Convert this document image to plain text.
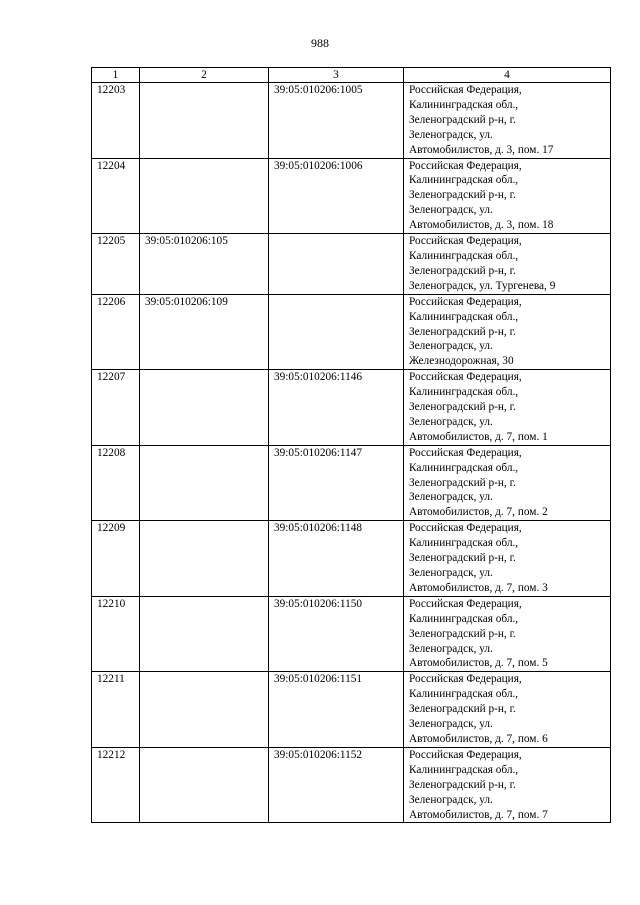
988
1	2	3	4
12203		39:05:010206:1005	Российская Федерация,
Калининградская обл.,
Зеленоградский р-н, г.
Зеленоградск, ул.
Автомобилистов, д. 3, пом. 17
12204		39:05:010206:1006	Российская Федерация,
Калининградская обл.,
Зеленоградский р-н, г.
Зеленоградск, ул.
Автомобилистов, д. 3, пом. 18
12205	39:05:010206:105		Российская Федерация,
Калининградская обл.,
Зеленоградский р-н, г.
Зеленоградск, ул. Тургенева, 9
12206	39:05:010206:109		Российская Федерация,
Калининградская обл.,
Зеленоградский р-н, г.
Зеленоградск, ул.
Железнодорожная, 30
12207		39:05:010206:1146	Российская Федерация,
Калининградская обл.,
Зеленоградский р-н, г.
Зеленоградск, ул.
Автомобилистов, д. 7, пом. 1
12208		39:05:010206:1147	Российская Федерация,
Калининградская обл.,
Зеленоградский р-н, г.
Зеленоградск, ул.
Автомобилистов, д. 7, пом. 2
12209		39:05:010206:1148	Российская Федерация,
Калининградская обл.,
Зеленоградский р-н, г.
Зеленоградск, ул.
Автомобилистов, д. 7, пом. 3
12210		39:05:010206:1150	Российская Федерация,
Калининградская обл.,
Зеленоградский р-н, г.
Зеленоградск, ул.
Автомобилистов, д. 7, пом. 5
12211		39:05:010206:1151	Российская Федерация,
Калининградская обл.,
Зеленоградский р-н, г.
Зеленоградск, ул.
Автомобилистов, д. 7, пом. 6
12212		39:05:010206:1152	Российская Федерация,
Калининградская обл.,
Зеленоградский р-н, г.
Зеленоградск, ул.
Автомобилистов, д. 7, пом. 7
